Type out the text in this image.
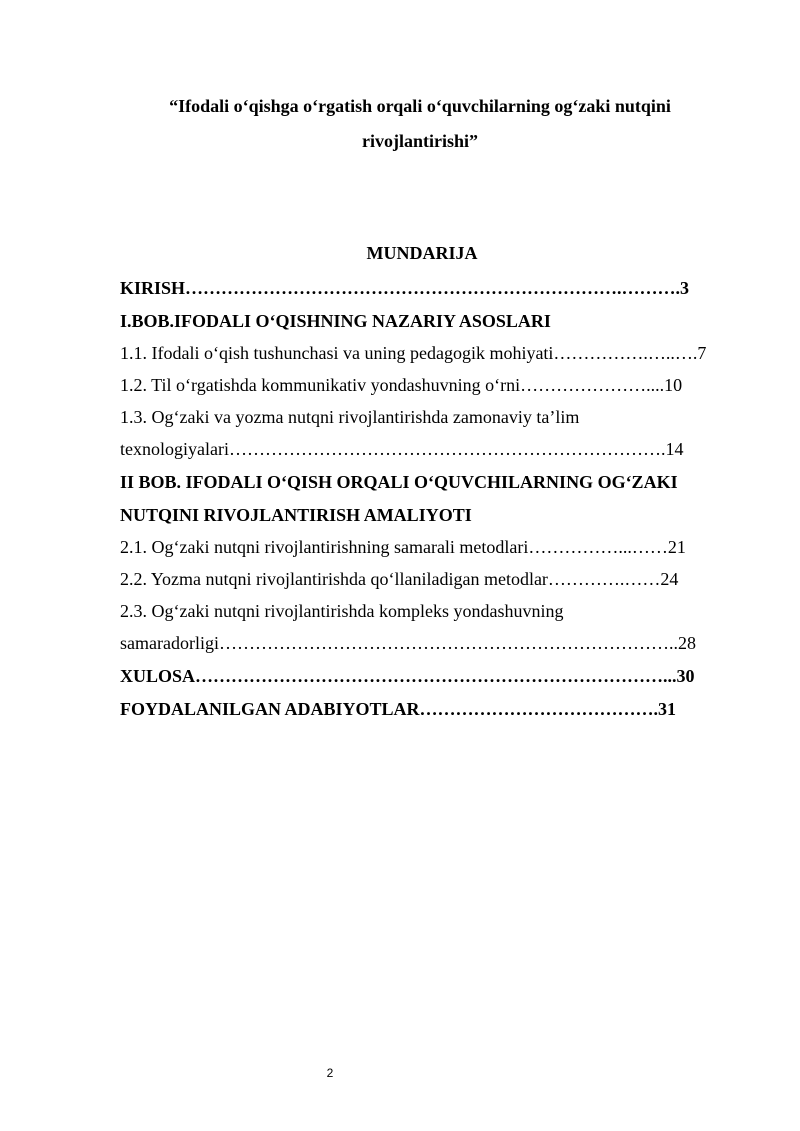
“Ifodali o‘qishga o‘rgatish orqali o‘quvchilarning og‘zaki nutqini
rivojlantirishi”
MUNDARIJA
KIRISH……………………………………………………………….……….3
I.BOB.IFODALI O‘QISHNING NAZARIY ASOSLARI
1.1. Ifodali o‘qish tushunchasi va uning pedagogik mohiyati…………….…..….7
1.2. Til o‘rgatishda kommunikativ yondashuvning o‘rni…………………....10
1.3. Og‘zaki va yozma nutqni rivojlantirishda zamonaviy ta’lim
texnologiyalari……………………………………………………………….14
II BOB. IFODALI O‘QISH ORQALI O‘QUVCHILARNING OG‘ZAKI
NUTQINI RIVOJLANTIRISH AMALIYOTI
2.1. Og‘zaki nutqni rivojlantirishning samarali metodlari……………...……21
2.2. Yozma nutqni rivojlantirishda qo‘llaniladigan metodlar………….……24
2.3. Og‘zaki nutqni rivojlantirishda kompleks yondashuvning
samaradorligi…………………………………………………………………..28
XULOSA……………………………………………………………………...30
FOYDALANILGAN ADABIYOTLAR………………………………….31
2
